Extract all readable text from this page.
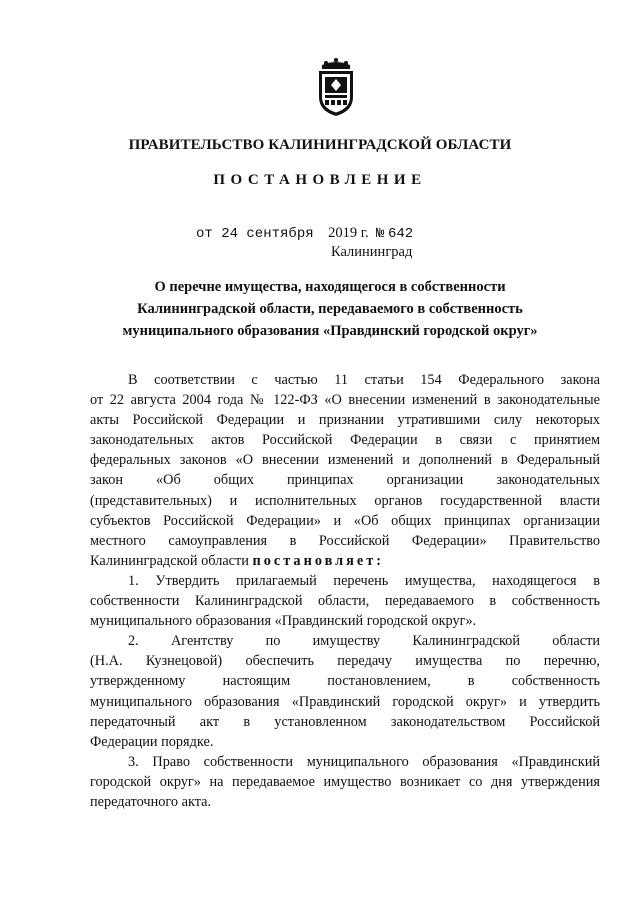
ПРАВИТЕЛЬСТВО КАЛИНИНГРАДСКОЙ ОБЛАСТИ
ПОСТАНОВЛЕНИЕ
от 24 сентября 2019 г. № 642
Калининград
О перечне имущества, находящегося в собственности
Калининградской области, передаваемого в собственность
муниципального образования «Правдинский городской округ»
В соответствии с частью 11 статьи 154 Федерального закона
от 22 августа 2004 года № 122-ФЗ «О внесении изменений в законодательные
акты Российской Федерации и признании утратившими силу некоторых
законодательных актов Российской Федерации в связи с принятием
федеральных законов «О внесении изменений и дополнений в Федеральный
закон «Об общих принципах организации законодательных
(представительных) и исполнительных органов государственной власти
субъектов Российской Федерации» и «Об общих принципах организации
местного самоуправления в Российской Федерации» Правительство
Калининградской области постановляет:
1. Утвердить прилагаемый перечень имущества, находящегося в
собственности Калининградской области, передаваемого в собственность
муниципального образования «Правдинский городской округ».
2. Агентству по имуществу Калининградской области
(Н.А. Кузнецовой) обеспечить передачу имущества по перечню,
утвержденному настоящим постановлением, в собственность
муниципального образования «Правдинский городской округ» и утвердить
передаточный акт в установленном законодательством Российской
Федерации порядке.
3. Право собственности муниципального образования «Правдинский
городской округ» на передаваемое имущество возникает со дня утверждения
передаточного акта.
